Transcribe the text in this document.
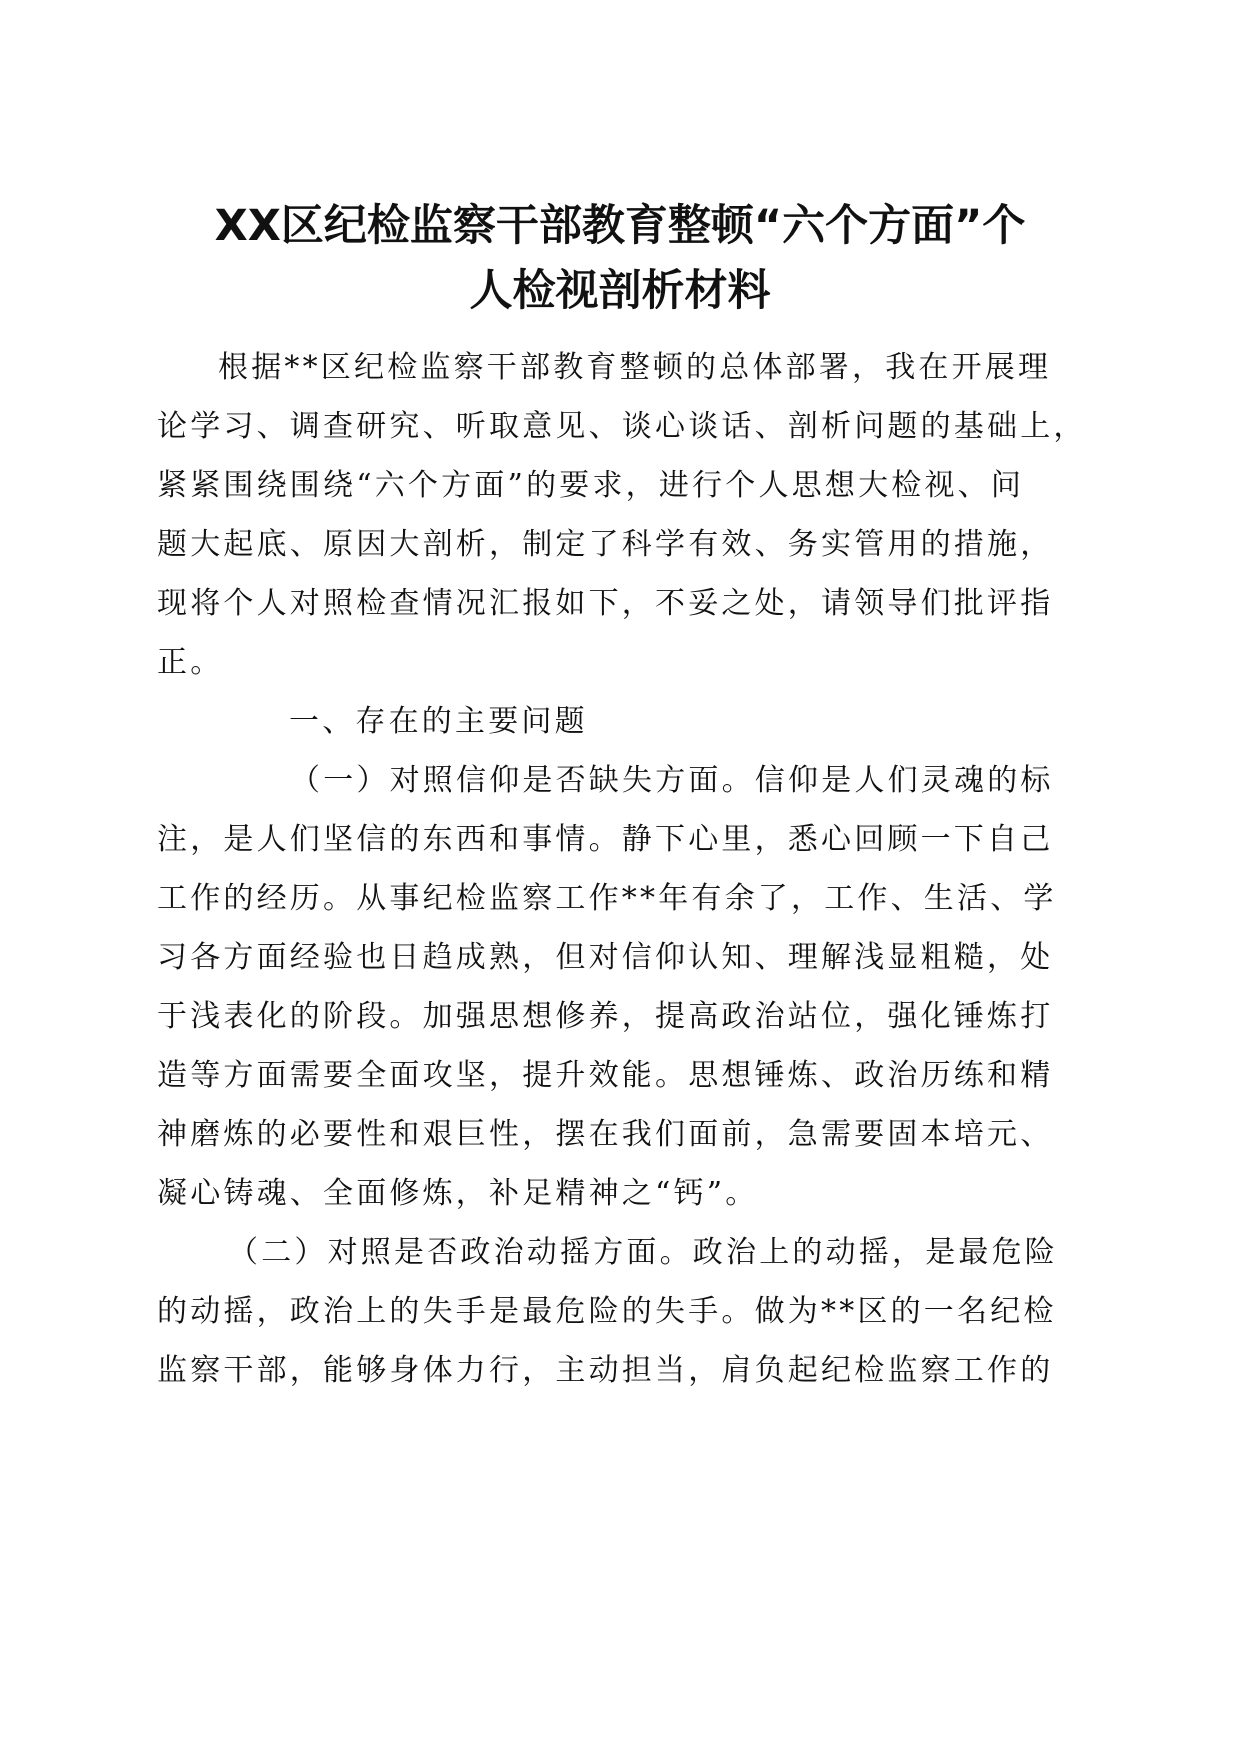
XX区纪检监察干部教育整顿“六个方面”个
人检视剖析材料

根据**区纪检监察干部教育整顿的总体部署，我在开展理

论学习、调查研究、听取意见、谈心谈话、剖析问题的基础上，

紧紧围绕围绕“六个方面”的要求，进行个人思想大检视、问

题大起底、原因大剖析，制定了科学有效、务实管用的措施，

现将个人对照检查情况汇报如下，不妥之处，请领导们批评指

正。

一、存在的主要问题

（一）对照信仰是否缺失方面。信仰是人们灵魂的标

注，是人们坚信的东西和事情。静下心里，悉心回顾一下自己

工作的经历。从事纪检监察工作**年有余了，工作、生活、学

习各方面经验也日趋成熟，但对信仰认知、理解浅显粗糙，处

于浅表化的阶段。加强思想修养，提高政治站位，强化锤炼打

造等方面需要全面攻坚，提升效能。思想锤炼、政治历练和精

神磨炼的必要性和艰巨性，摆在我们面前，急需要固本培元、

凝心铸魂、全面修炼，补足精神之“钙”。

（二）对照是否政治动摇方面。政治上的动摇，是最危险

的动摇，政治上的失手是最危险的失手。做为**区的一名纪检

监察干部，能够身体力行，主动担当，肩负起纪检监察工作的
